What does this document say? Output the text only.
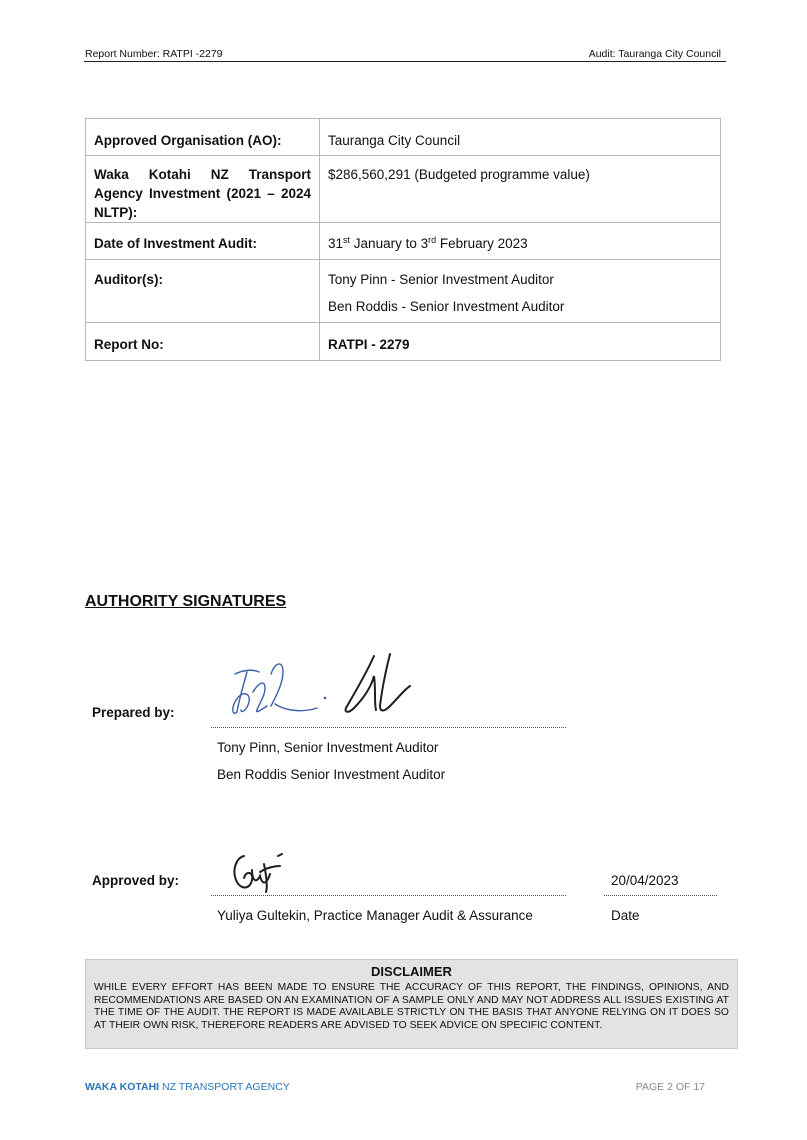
Report Number: RATPI -2279	Audit: Tauranga City Council
Approved Organisation (AO):	Tauranga City Council
Waka Kotahi NZ Transport Agency Investment (2021 – 2024 NLTP):	$286,560,291 (Budgeted programme value)
Date of Investment Audit:	31st January to 3rd February 2023
Auditor(s):	Tony Pinn - Senior Investment Auditor
Ben Roddis - Senior Investment Auditor

Report No:	RATPI - 2279
AUTHORITY SIGNATURES
Prepared by:
Tony Pinn, Senior Investment Auditor
Ben Roddis Senior Investment Auditor
Approved by:	20/04/2023
Yuliya Gultekin, Practice Manager Audit & Assurance	Date
DISCLAIMER
WHILE EVERY EFFORT HAS BEEN MADE TO ENSURE THE ACCURACY OF THIS REPORT, THE FINDINGS, OPINIONS, AND RECOMMENDATIONS ARE BASED ON AN EXAMINATION OF A SAMPLE ONLY AND MAY NOT ADDRESS ALL ISSUES EXISTING AT THE TIME OF THE AUDIT. THE REPORT IS MADE AVAILABLE STRICTLY ON THE BASIS THAT ANYONE RELYING ON IT DOES SO AT THEIR OWN RISK, THEREFORE READERS ARE ADVISED TO SEEK ADVICE ON SPECIFIC CONTENT.
WAKA KOTAHI NZ TRANSPORT AGENCY	PAGE 2 OF 17
